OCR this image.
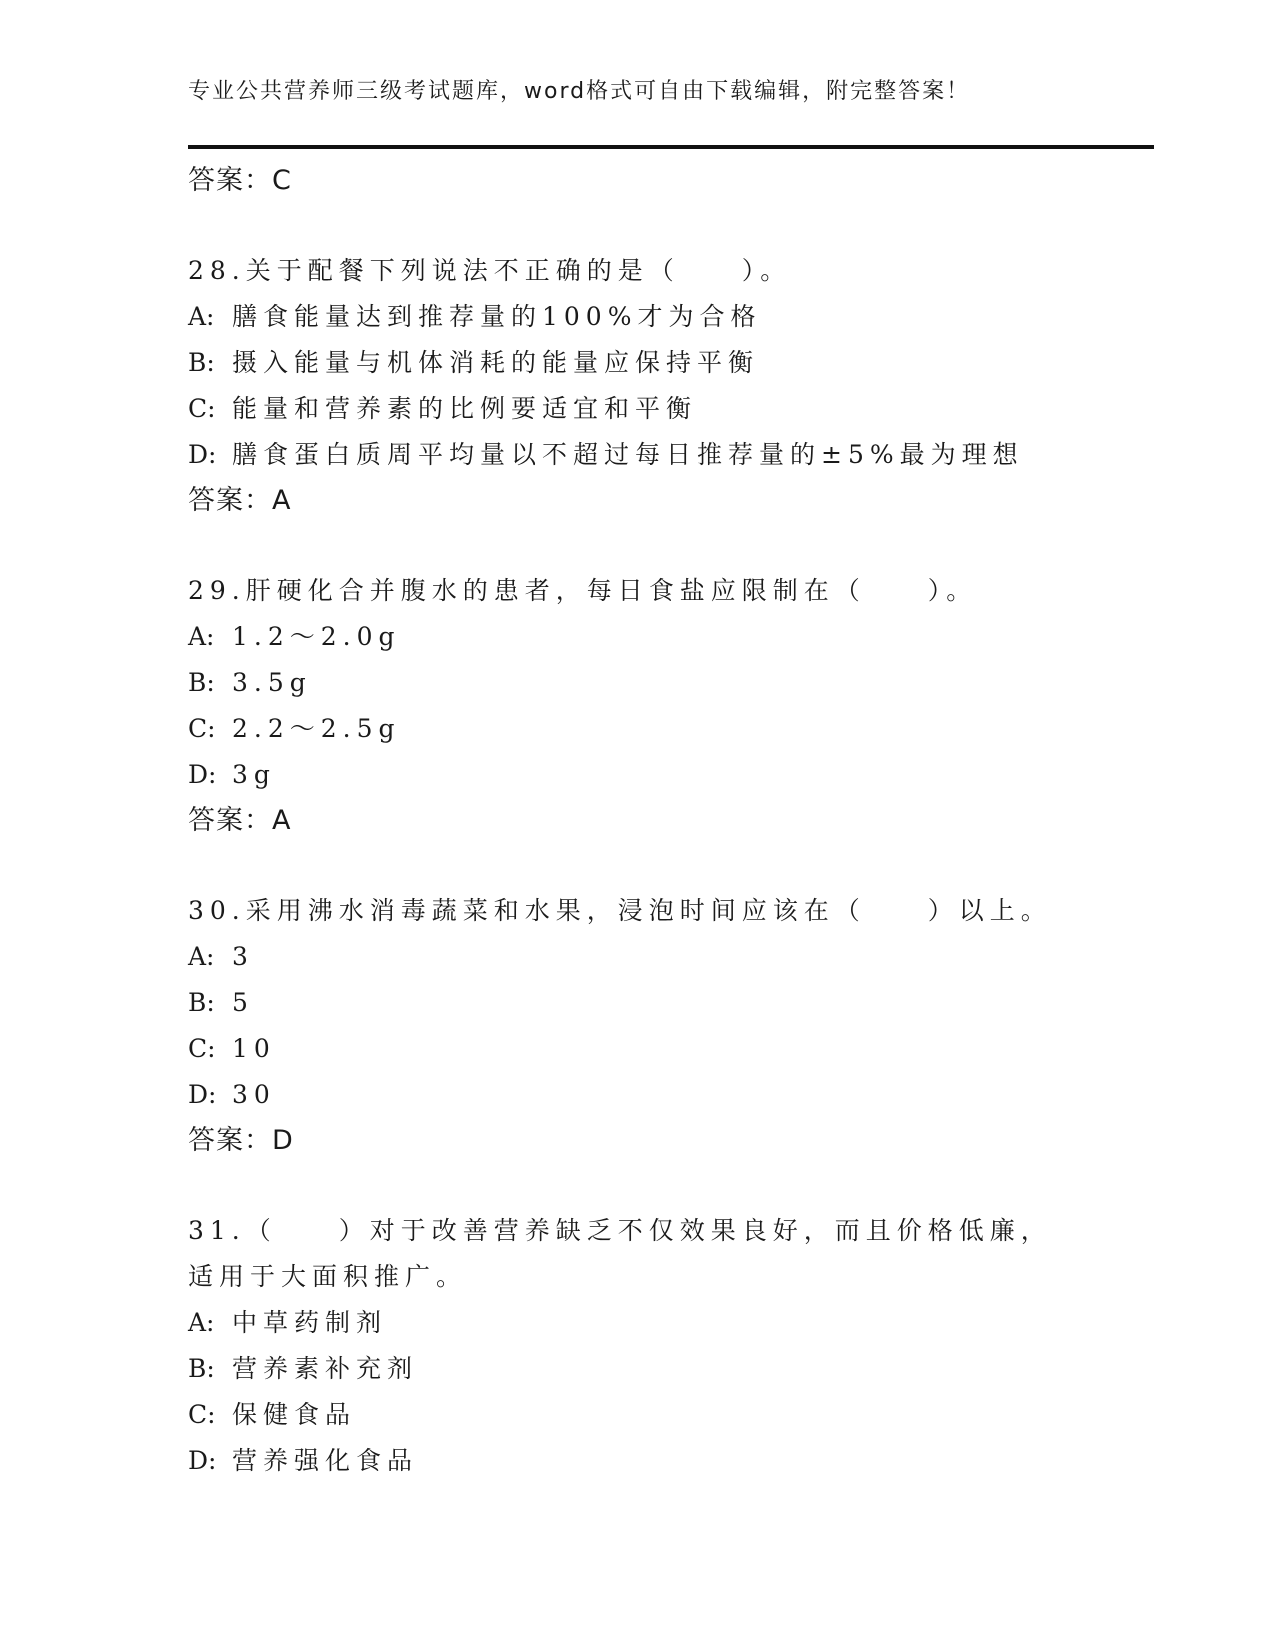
专业公共营养师三级考试题库，word格式可自由下载编辑，附完整答案！

答案：C

28.关于配餐下列说法不正确的是（　　）。

A: 膳食能量达到推荐量的100%才为合格

B: 摄入能量与机体消耗的能量应保持平衡

C: 能量和营养素的比例要适宜和平衡

D: 膳食蛋白质周平均量以不超过每日推荐量的±5%最为理想

答案：A

29.肝硬化合并腹水的患者，每日食盐应限制在（　　）。

A: 1.2～2.0g

B: 3.5g

C: 2.2～2.5g

D: 3g

答案：A

30.采用沸水消毒蔬菜和水果，浸泡时间应该在（　　）以上。

A: 3

B: 5

C: 10

D: 30

答案：D

31.（　　）对于改善营养缺乏不仅效果良好，而且价格低廉，适用于大面积推广。

A: 中草药制剂

B: 营养素补充剂

C: 保健食品

D: 营养强化食品
